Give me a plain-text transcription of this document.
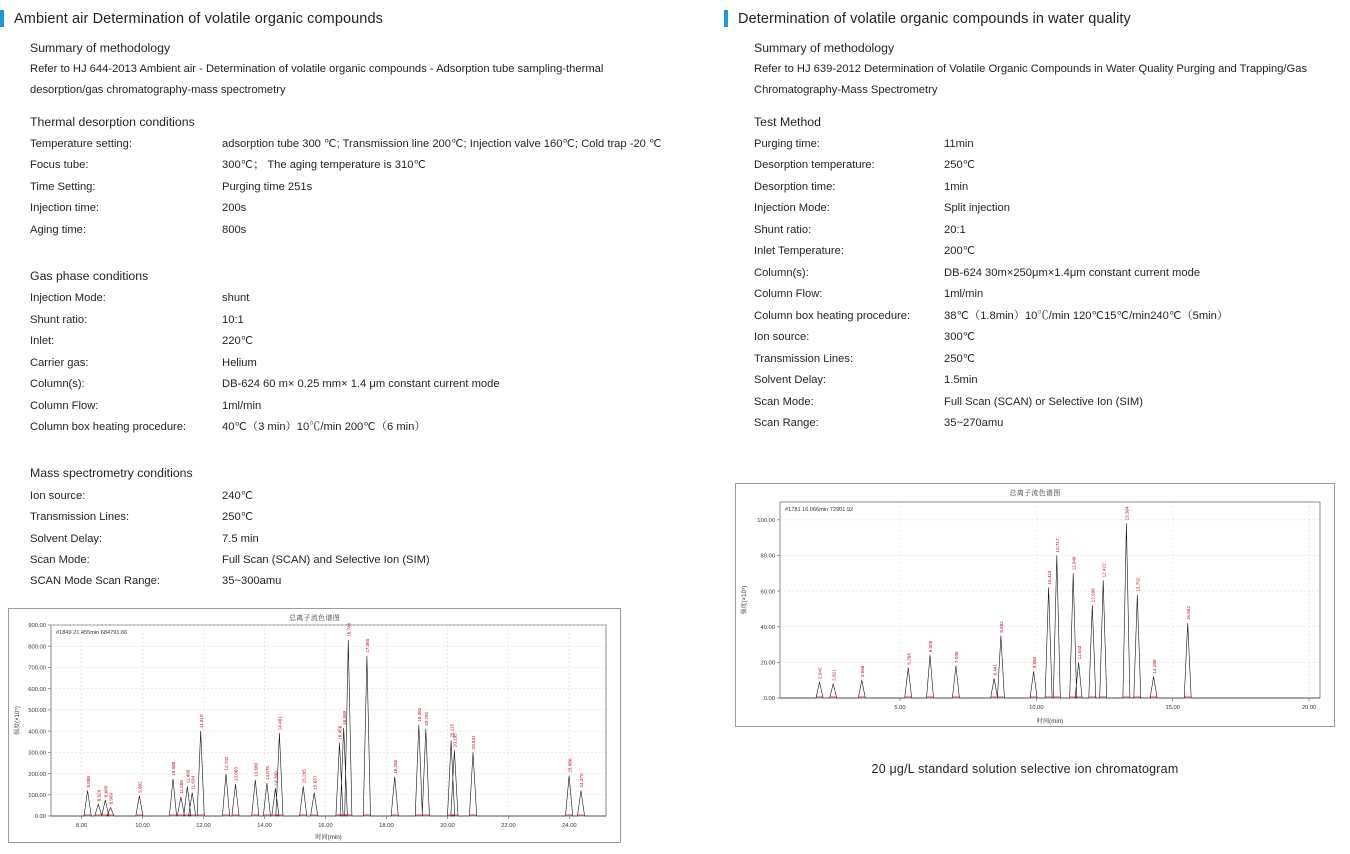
Ambient air Determination of volatile organic compounds
Summary of methodology

Refer to HJ 644-2013 Ambient air - Determination of volatile organic compounds - Adsorption tube sampling-thermal

desorption/gas chromatography-mass spectrometry

Thermal desorption conditions
Temperature setting:	adsorption tube 300 ℃; Transmission line 200℃; Injection valve 160℃; Cold trap -20 ℃
Focus tube:	300℃； The aging temperature is 310℃
Time Setting:	Purging time 251s
Injection time:	200s
Aging time:	800s
Gas phase conditions
Injection Mode:	shunt
Shunt ratio:	10:1
Inlet:	220℃
Carrier gas:	Helium
Column(s):	DB-624 60 m× 0.25 mm× 1.4 μm constant current mode
Column Flow:	1ml/min
Column box heating procedure:	40℃（3 min）10℃/min 200℃（6 min）
Mass spectrometry conditions
Ion source:	240℃
Transmission Lines:	250℃
Solvent Delay:	7.5 min
Scan Mode:	Full Scan (SCAN) and Selective Ion (SIM)
SCAN Mode Scan Range:	35~300amu
总离子流色谱图
0.00
100.00
200.00
300.00
400.00
500.00
600.00
700.00
800.00
900.00
8.00	10.00	12.00	14.00	16.00	18.00	20.00	22.00	24.00
时间(min)
强度(×10⁵)
#1849 21.455min 684791.66
8.088
8.524 8.685
8.909
9.882
10.988
11.288
11.408 11.634
11.910
12.742
13.063	13.680 14.076 14.399
14.481
15.265 15.637
16.456
16.599
16.746
17.360
18.265
19.062 19.292
20.115
20.195	20.841
23.986
24.370
Determination of volatile organic compounds in water quality
Summary of methodology

Refer to HJ 639-2012 Determination of Volatile Organic Compounds in Water Quality Purging and Trapping/Gas

Chromatography-Mass Spectrometry

Test Method
Purging time:	11min
Desorption temperature:	250℃
Desorption time:	1min
Injection Mode:	Split injection
Shunt ratio:	20:1
Inlet Temperature:	200℃
Column(s):	DB-624 30m×250μm×1.4μm constant current mode
Column Flow:	1ml/min
Column box heating procedure:	38℃（1.8min）10℃/min 120℃15℃/min240℃（5min）
Ion source:	300℃
Transmission Lines:	250℃
Solvent Delay:	1.5min
Scan Mode:	Full Scan (SCAN) or Selective Ion (SIM)
Scan Range:	35~270amu
总离子流色谱图
0.00
20.00
40.00
60.00
80.00
100.00
5.00	10.00	15.00	20.00
时间(min)
强度(×10⁵)
#1781 16.066min 72901.92
2.042 2.821	3.568
5.264
6.005
7.046
8.441
8.682
9.883
10.415
10.717
11.349
11.543
12.008
12.422
13.304
13.702
14.289
15.552
20 μg/L standard solution selective ion chromatogram
